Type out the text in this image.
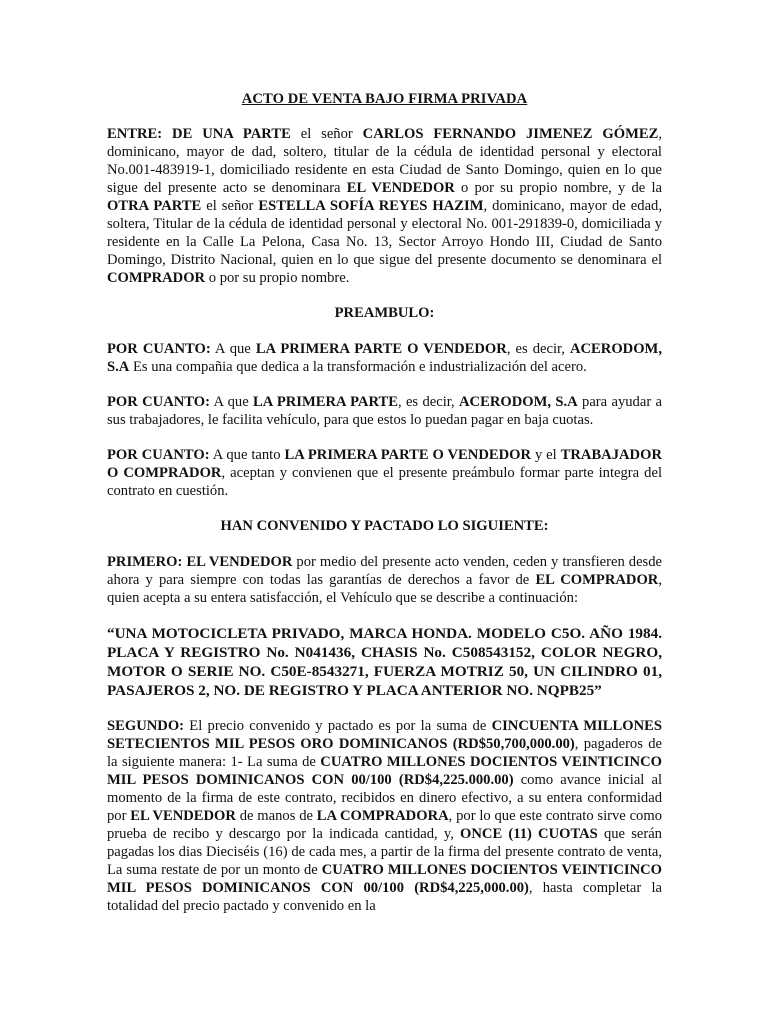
ACTO DE VENTA BAJO FIRMA PRIVADA

ENTRE: DE UNA PARTE el señor CARLOS FERNANDO JIMENEZ GÓMEZ, dominicano, mayor de dad, soltero, titular de la cédula de identidad personal y electoral No.001-483919-1, domiciliado residente en esta Ciudad de Santo Domingo, quien en lo que sigue del presente acto se denominara EL VENDEDOR o por su propio nombre, y de la OTRA PARTE el señor ESTELLA SOFÍA REYES HAZIM, dominicano, mayor de edad, soltera, Titular de la cédula de identidad personal y electoral No. 001-291839-0, domiciliada y residente en la Calle La Pelona, Casa No. 13, Sector Arroyo Hondo III, Ciudad de Santo Domingo, Distrito Nacional, quien en lo que sigue del presente documento se denominara el COMPRADOR o por su propio nombre.

PREAMBULO:

POR CUANTO: A que LA PRIMERA PARTE O VENDEDOR, es decir, ACERODOM, S.A Es una compañia que dedica a la transformación e industrialización del acero.

POR CUANTO: A que LA PRIMERA PARTE, es decir, ACERODOM, S.A para ayudar a sus trabajadores, le facilita vehículo, para que estos lo puedan pagar en baja cuotas.

POR CUANTO: A que tanto LA PRIMERA PARTE O VENDEDOR y el TRABAJADOR O COMPRADOR, aceptan y convienen que el presente preámbulo formar parte integra del contrato en cuestión.

HAN CONVENIDO Y PACTADO LO SIGUIENTE:

PRIMERO: EL VENDEDOR por medio del presente acto venden, ceden y transfieren desde ahora y para siempre con todas las garantías de derechos a favor de EL COMPRADOR, quien acepta a su entera satisfacción, el Vehículo que se describe a continuación:

“UNA MOTOCICLETA PRIVADO, MARCA HONDA. MODELO C5O. AÑO 1984. PLACA Y REGISTRO No. N041436, CHASIS No. C508543152, COLOR NEGRO, MOTOR O SERIE NO. C50E-8543271, FUERZA MOTRIZ 50, UN CILINDRO 01, PASAJEROS 2, NO. DE REGISTRO Y PLACA ANTERIOR NO. NQPB25”

SEGUNDO: El precio convenido y pactado es por la suma de CINCUENTA MILLONES SETECIENTOS MIL PESOS ORO DOMINICANOS (RD$50,700,000.00), pagaderos de la siguiente manera: 1- La suma de CUATRO MILLONES DOCIENTOS VEINTICINCO MIL PESOS DOMINICANOS CON 00/100 (RD$4,225.000.00) como avance inicial al momento de la firma de este contrato, recibidos en dinero efectivo, a su entera conformidad por EL VENDEDOR de manos de LA COMPRADORA, por lo que este contrato sirve como prueba de recibo y descargo por la indicada cantidad, y, ONCE (11) CUOTAS que serán pagadas los dias Dieciséis (16) de cada mes, a partir de la firma del presente contrato de venta, La suma restate de por un monto de CUATRO MILLONES DOCIENTOS VEINTICINCO MIL PESOS DOMINICANOS CON 00/100 (RD$4,225,000.00), hasta completar la totalidad del precio pactado y convenido en la
